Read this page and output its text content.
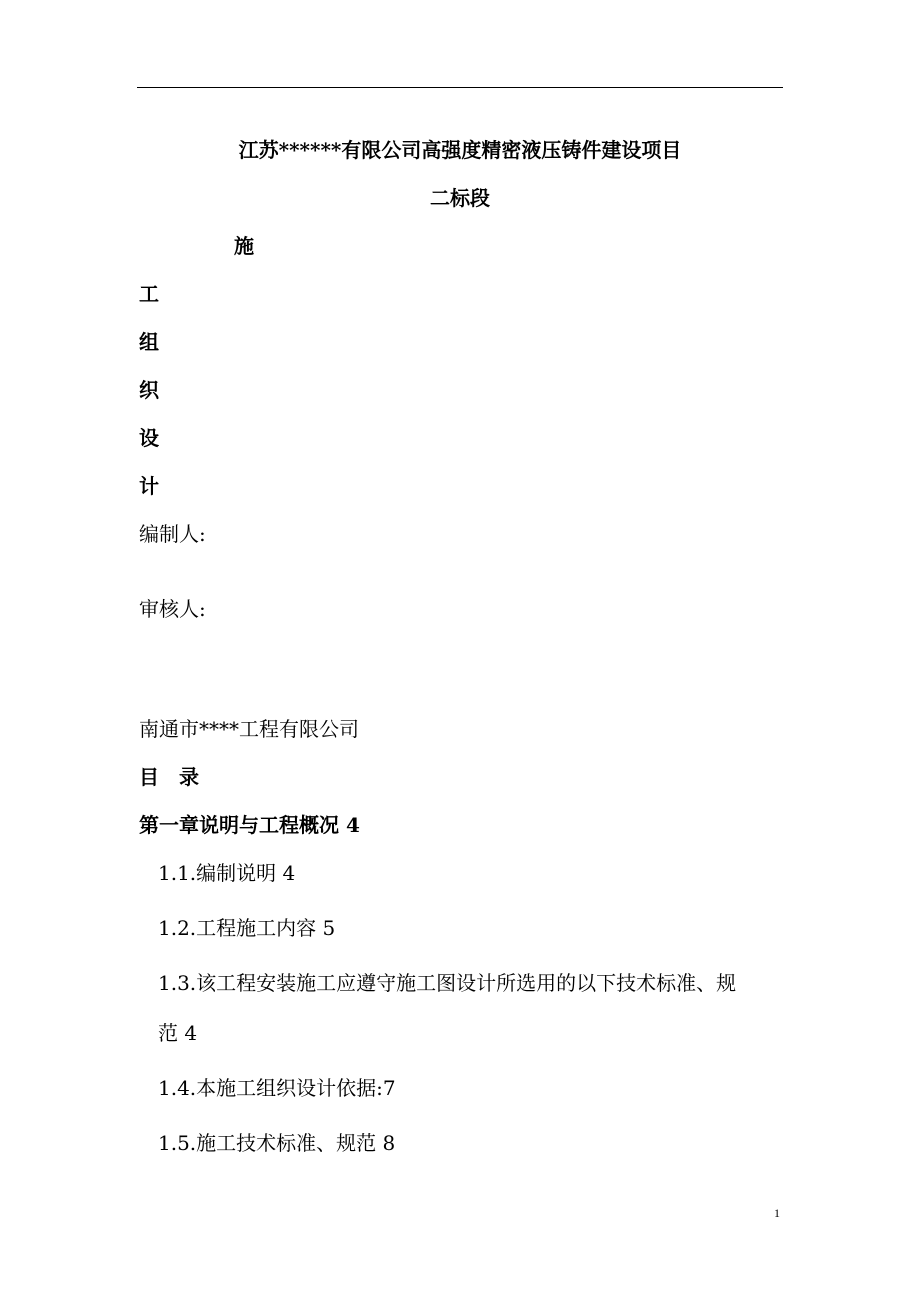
江苏******有限公司高强度精密液压铸件建设项目
二标段
施
工
组
织
设
计
编制人:
审核人:
南通市****工程有限公司
目　录
第一章说明与工程概况 4
1.1.编制说明 4
1.2.工程施工内容 5
1.3.该工程安装施工应遵守施工图设计所选用的以下技术标准、规
范 4
1.4.本施工组织设计依据:7
1.5.施工技术标准、规范 8
1
